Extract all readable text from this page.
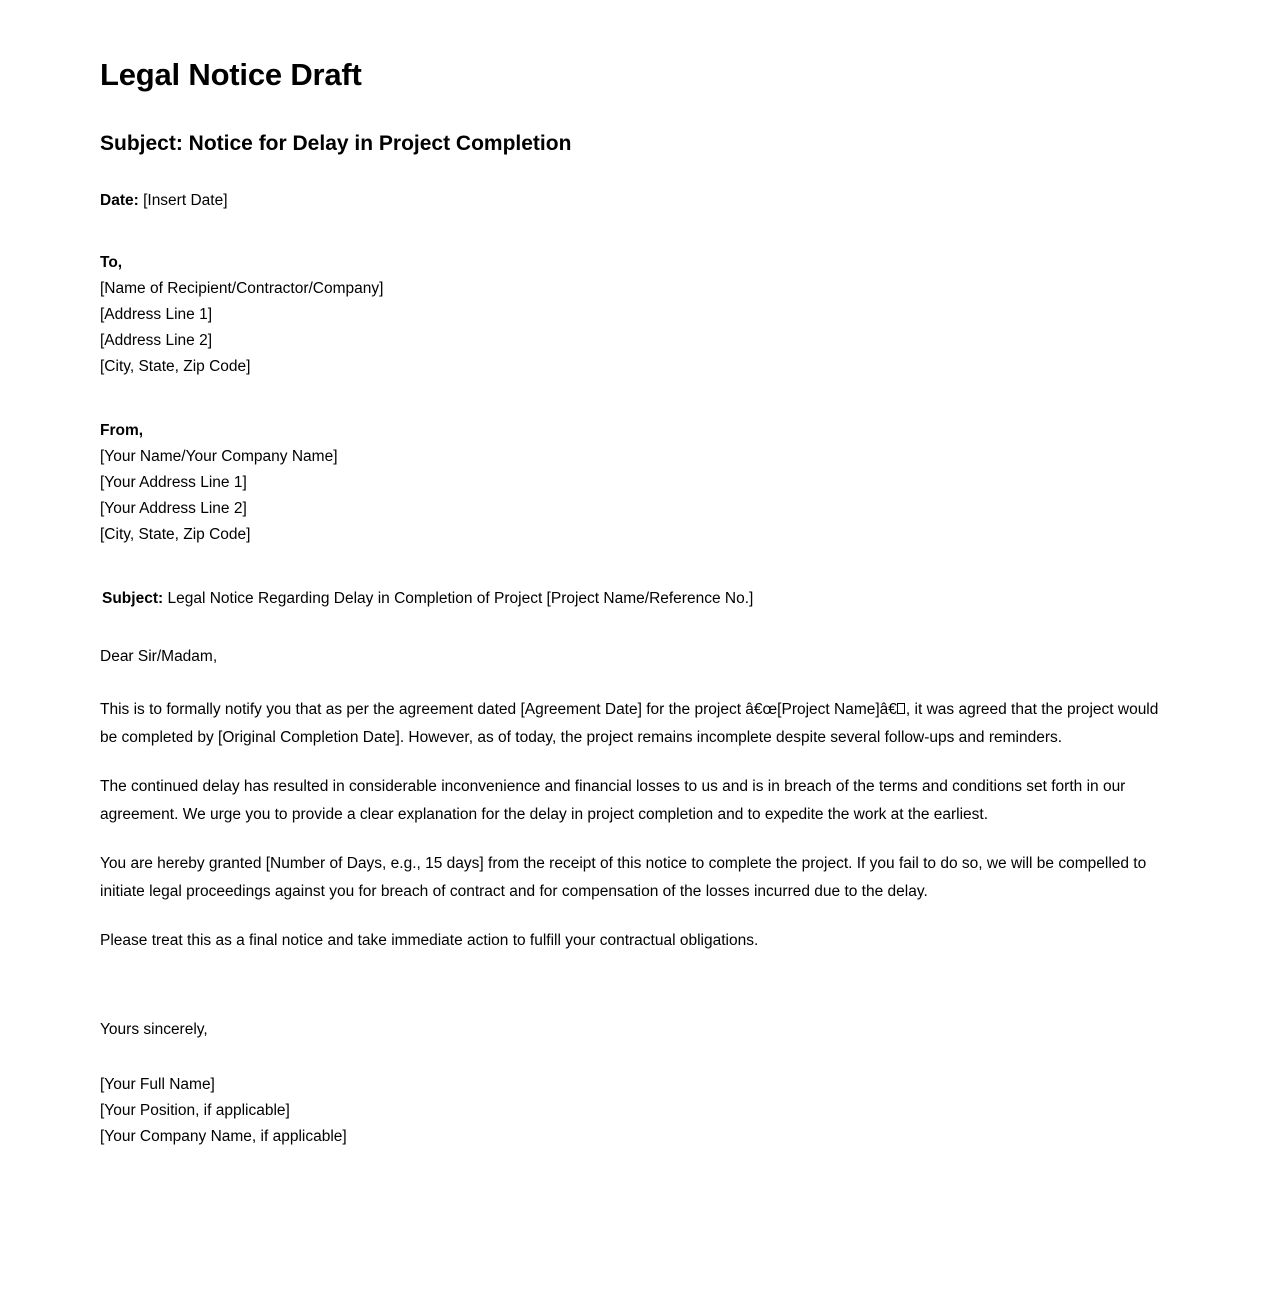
Legal Notice Draft
Subject: Notice for Delay in Project Completion

Date: [Insert Date]

To,

[Name of Recipient/Contractor/Company]

[Address Line 1]

[Address Line 2]

[City, State, Zip Code]

From,

[Your Name/Your Company Name]

[Your Address Line 1]

[Your Address Line 2]

[City, State, Zip Code]

Subject: Legal Notice Regarding Delay in Completion of Project [Project Name/Reference No.]

Dear Sir/Madam,

This is to formally notify you that as per the agreement dated [Agreement Date] for the project â€œ[Project Name]â€ , it was agreed that the project would be completed by [Original Completion Date]. However, as of today, the project remains incomplete despite several follow-ups and reminders.

The continued delay has resulted in considerable inconvenience and financial losses to us and is in breach of the terms and conditions set forth in our agreement. We urge you to provide a clear explanation for the delay in project completion and to expedite the work at the earliest.

You are hereby granted [Number of Days, e.g., 15 days] from the receipt of this notice to complete the project. If you fail to do so, we will be compelled to initiate legal proceedings against you for breach of contract and for compensation of the losses incurred due to the delay.

Please treat this as a final notice and take immediate action to fulfill your contractual obligations.

Yours sincerely,

[Your Full Name]

[Your Position, if applicable]

[Your Company Name, if applicable]
